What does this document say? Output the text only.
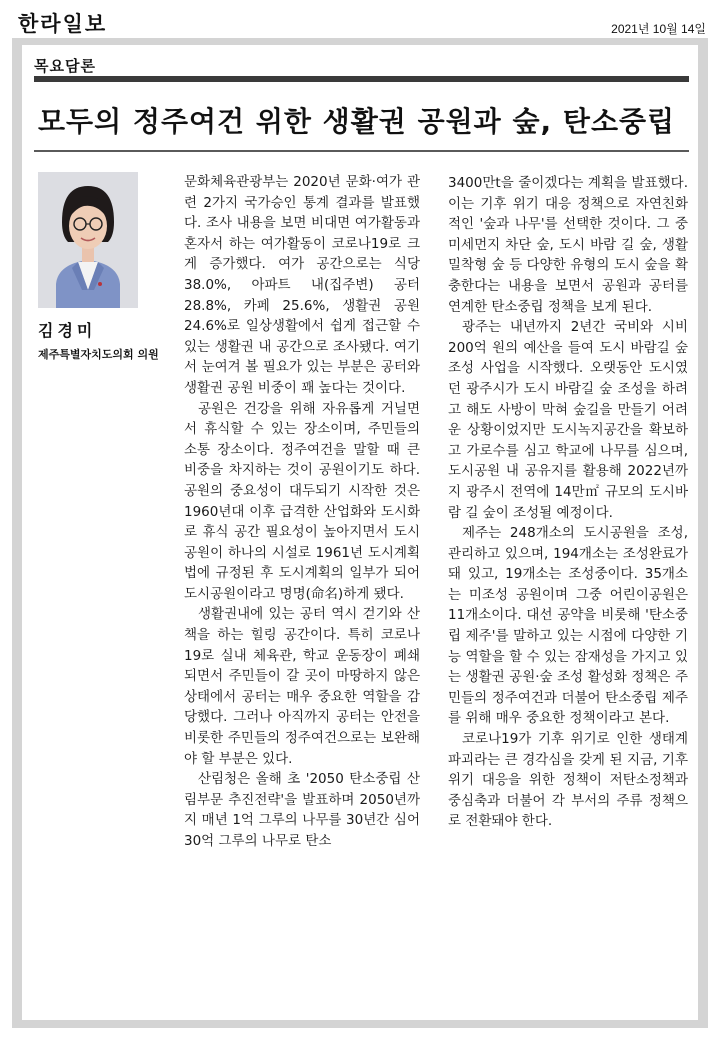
한라일보	2021년 10월 14일
목요담론
모두의 정주여건 위한 생활권 공원과 숲, 탄소중립
김경미
제주특별자치도의회 의원

문화체육관광부는 2020년 문화·여가 관련 2가지 국가승인 통계 결과를 발표했다. 조사 내용을 보면 비대면 여가활동과 혼자서 하는 여가활동이 코로나19로 크게 증가했다. 여가 공간으로는 식당 38.0%, 아파트 내(집주변) 공터 28.8%, 카페 25.6%, 생활권 공원 24.6%로 일상생활에서 쉽게 접근할 수 있는 생활권 내 공간으로 조사됐다. 여기서 눈여겨 볼 필요가 있는 부분은 공터와 생활권 공원 비중이 꽤 높다는 것이다.

공원은 건강을 위해 자유롭게 거닐면서 휴식할 수 있는 장소이며, 주민들의 소통 장소이다. 정주여건을 말할 때 큰 비중을 차지하는 것이 공원이기도 하다. 공원의 중요성이 대두되기 시작한 것은 1960년대 이후 급격한 산업화와 도시화로 휴식 공간 필요성이 높아지면서 도시 공원이 하나의 시설로 1961년 도시계획법에 규정된 후 도시계획의 일부가 되어 도시공원이라고 명명(命名)하게 됐다.

생활권내에 있는 공터 역시 걷기와 산책을 하는 힐링 공간이다. 특히 코로나19로 실내 체육관, 학교 운동장이 폐쇄되면서 주민들이 갈 곳이 마땅하지 않은 상태에서 공터는 매우 중요한 역할을 감당했다. 그러나 아직까지 공터는 안전을 비롯한 주민들의 정주여건으로는 보완해야 할 부분은 있다.

산림청은 올해 초 '2050 탄소중립 산림부문 추진전략'을 발표하며 2050년까지 매년 1억 그루의 나무를 30년간 심어 30억 그루의 나무로 탄소

3400만t을 줄이겠다는 계획을 발표했다. 이는 기후 위기 대응 정책으로 자연친화적인 '숲과 나무'를 선택한 것이다. 그 중 미세먼지 차단 숲, 도시 바람 길 숲, 생활밀착형 숲 등 다양한 유형의 도시 숲을 확충한다는 내용을 보면서 공원과 공터를 연계한 탄소중립 정책을 보게 된다.

광주는 내년까지 2년간 국비와 시비 200억 원의 예산을 들여 도시 바람길 숲 조성 사업을 시작했다. 오랫동안 도시였던 광주시가 도시 바람길 숲 조성을 하려고 해도 사방이 막혀 숲길을 만들기 어려운 상황이었지만 도시녹지공간을 확보하고 가로수를 심고 학교에 나무를 심으며, 도시공원 내 공유지를 활용해 2022년까지 광주시 전역에 14만㎡ 규모의 도시바람 길 숲이 조성될 예정이다.

제주는 248개소의 도시공원을 조성, 관리하고 있으며, 194개소는 조성완료가 돼 있고, 19개소는 조성중이다. 35개소는 미조성 공원이며 그중 어린이공원은 11개소이다. 대선 공약을 비롯해 '탄소중립 제주'를 말하고 있는 시점에 다양한 기능 역할을 할 수 있는 잠재성을 가지고 있는 생활권 공원·숲 조성 활성화 정책은 주민들의 정주여건과 더불어 탄소중립 제주를 위해 매우 중요한 정책이라고 본다.

코로나19가 기후 위기로 인한 생태계 파괴라는 큰 경각심을 갖게 된 지금, 기후 위기 대응을 위한 정책이 저탄소정책과 중심축과 더불어 각 부서의 주류 정책으로 전환돼야 한다.
